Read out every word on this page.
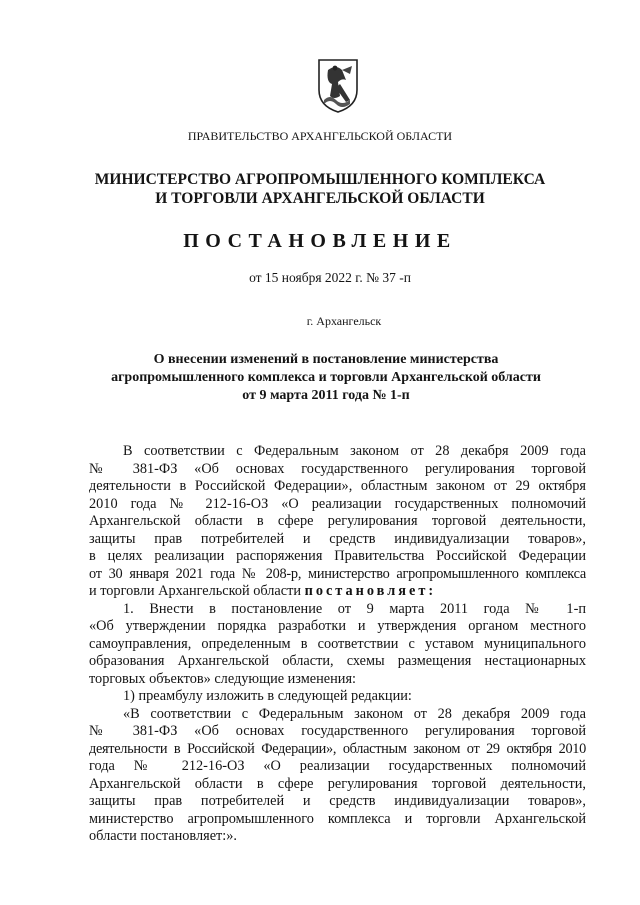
ПРАВИТЕЛЬСТВО АРХАНГЕЛЬСКОЙ ОБЛАСТИ
МИНИСТЕРСТВО АГРОПРОМЫШЛЕННОГО КОМПЛЕКСА
И ТОРГОВЛИ АРХАНГЕЛЬСКОЙ ОБЛАСТИ
ПОСТАНОВЛЕНИЕ
от 15 ноября 2022 г. № 37 -п
г. Архангельск
О внесении изменений в постановление министерства
агропромышленного комплекса и торговли Архангельской области
от 9 марта 2011 года № 1-п
В соответствии с Федеральным законом от 28 декабря 2009 года
№ 381-ФЗ «Об основах государственного регулирования торговой
деятельности в Российской Федерации», областным законом от 29 октября
2010 года № 212-16-ОЗ «О реализации государственных полномочий
Архангельской области в сфере регулирования торговой деятельности,
защиты прав потребителей и средств индивидуализации товаров»,
в целях реализации распоряжения Правительства Российской Федерации
от 30 января 2021 года № 208-р, министерство агропромышленного комплекса
и торговли Архангельской области постановляет:
1. Внести в постановление от 9 марта 2011 года № 1-п
«Об утверждении порядка разработки и утверждения органом местного
самоуправления, определенным в соответствии с уставом муниципального
образования Архангельской области, схемы размещения нестационарных
торговых объектов» следующие изменения:
1) преамбулу изложить в следующей редакции:
«В соответствии с Федеральным законом от 28 декабря 2009 года
№ 381-ФЗ «Об основах государственного регулирования торговой
деятельности в Российской Федерации», областным законом от 29 октября 2010
года № 212-16-ОЗ «О реализации государственных полномочий
Архангельской области в сфере регулирования торговой деятельности,
защиты прав потребителей и средств индивидуализации товаров»,
министерство агропромышленного комплекса и торговли Архангельской
области постановляет:».
